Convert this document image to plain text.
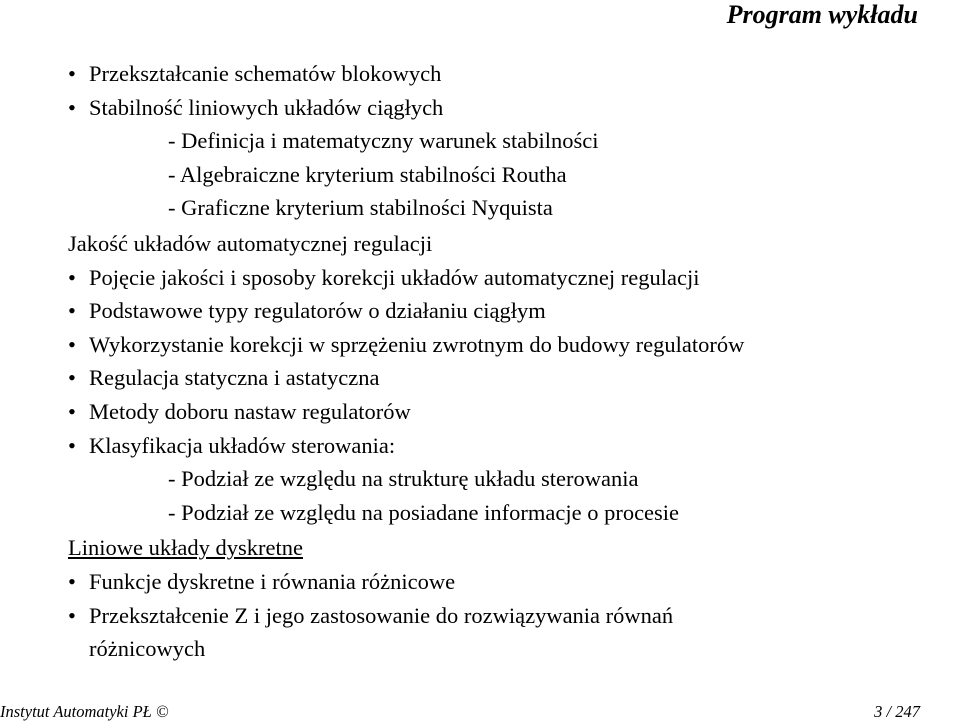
Program wykładu
• Przekształcanie schematów blokowych
• Stabilność liniowych układów ciągłych
- Definicja i matematyczny warunek stabilności
- Algebraiczne kryterium stabilności Routha
- Graficzne kryterium stabilności Nyquista
Jakość układów automatycznej regulacji
• Pojęcie jakości i sposoby korekcji układów automatycznej regulacji
• Podstawowe typy regulatorów o działaniu ciągłym
• Wykorzystanie korekcji w sprzężeniu zwrotnym do budowy regulatorów
• Regulacja statyczna i astatyczna
• Metody doboru nastaw regulatorów
• Klasyfikacja układów sterowania:
- Podział ze względu na strukturę układu sterowania
- Podział ze względu na posiadane informacje o procesie
Liniowe układy dyskretne
• Funkcje dyskretne i równania różnicowe
• Przekształcenie Z i jego zastosowanie do rozwiązywania równań
różnicowych
Instytut Automatyki PŁ ©	3 / 247
